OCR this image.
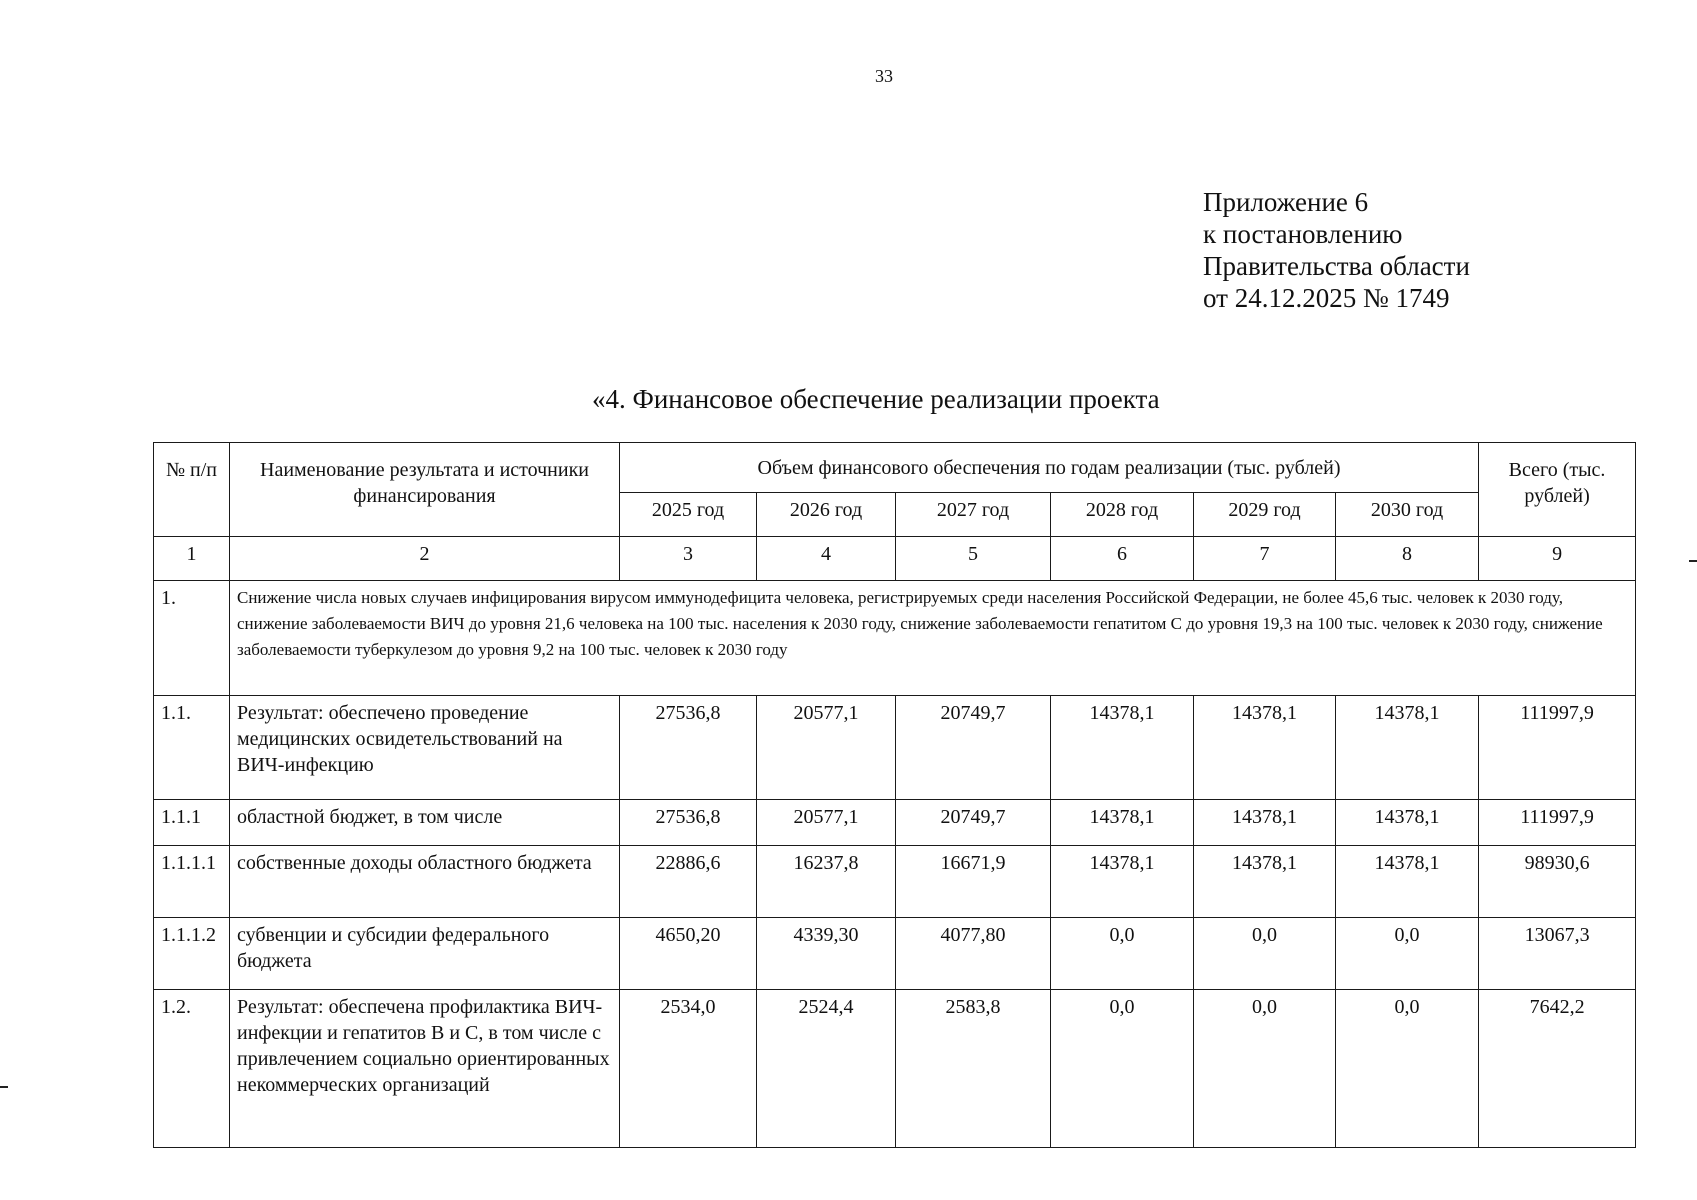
33
Приложение 6
к постановлению
Правительства области
от 24.12.2025 № 1749
«4. Финансовое обеспечение реализации проекта
№ п/п	Наименование результата и источники финансирования	Объем финансового обеспечения по годам реализации (тыс. рублей)						Всего (тыс. рублей)
		2025 год	2026 год	2027 год	2028 год	2029 год	2030 год	
1	2	3	4	5	6	7	8	9
1.	Снижение числа новых случаев инфицирования вирусом иммунодефицита человека, регистрируемых среди населения Российской Федерации, не более 45,6 тыс. человек к 2030 году, снижение заболеваемости ВИЧ до уровня 21,6 человека на 100 тыс. населения к 2030 году, снижение заболеваемости гепатитом С до уровня 19,3 на 100 тыс. человек к 2030 году, снижение заболеваемости туберкулезом до уровня 9,2 на 100 тыс. человек к 2030 году							
1.1.	Результат: обеспечено проведение медицинских освидетельствований на ВИЧ-инфекцию	27536,8	20577,1	20749,7	14378,1	14378,1	14378,1	111997,9
1.1.1	областной бюджет, в том числе	27536,8	20577,1	20749,7	14378,1	14378,1	14378,1	111997,9
1.1.1.1	собственные доходы областного бюджета	22886,6	16237,8	16671,9	14378,1	14378,1	14378,1	98930,6
1.1.1.2	субвенции и субсидии федерального бюджета	4650,20	4339,30	4077,80	0,0	0,0	0,0	13067,3
1.2.	Результат: обеспечена профилактика ВИЧ-инфекции и гепатитов В и С, в том числе с привлечением социально ориентированных некоммерческих организаций	2534,0	2524,4	2583,8	0,0	0,0	0,0	7642,2
